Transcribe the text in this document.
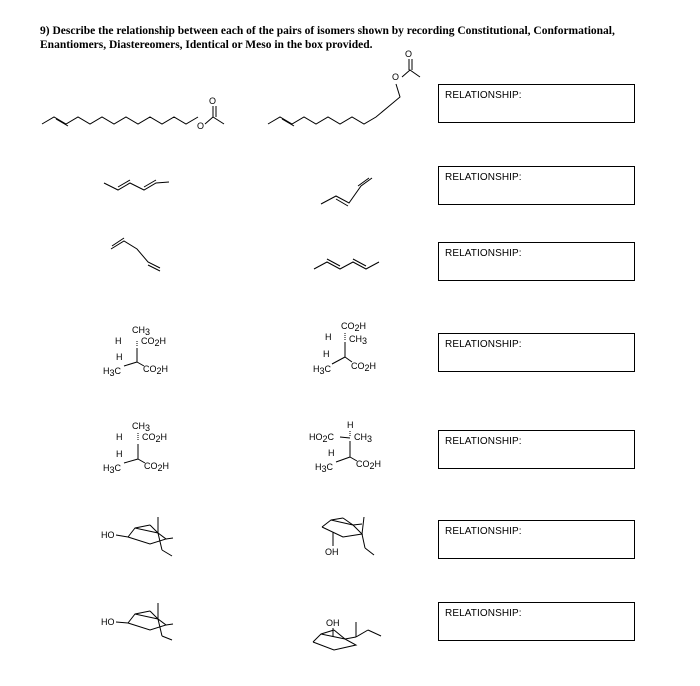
9) Describe the relationship between each of the pairs of isomers shown by recording Constitutional, Conformational, Enantiomers, Diastereomers, Identical or Meso in the box provided.
RELATIONSHIP:
RELATIONSHIP:
RELATIONSHIP:
RELATIONSHIP:
RELATIONSHIP:
RELATIONSHIP:
RELATIONSHIP:
O
O
O
O
CH3
H CO2H
H
H3C CO2H
CO2H
H CH3
H
H3C CO2H
CH3
H CO2H
H
H3C	CO2H
H
HO2C CH3
H
H3C	CO2H
HO
OH
HO	OH
